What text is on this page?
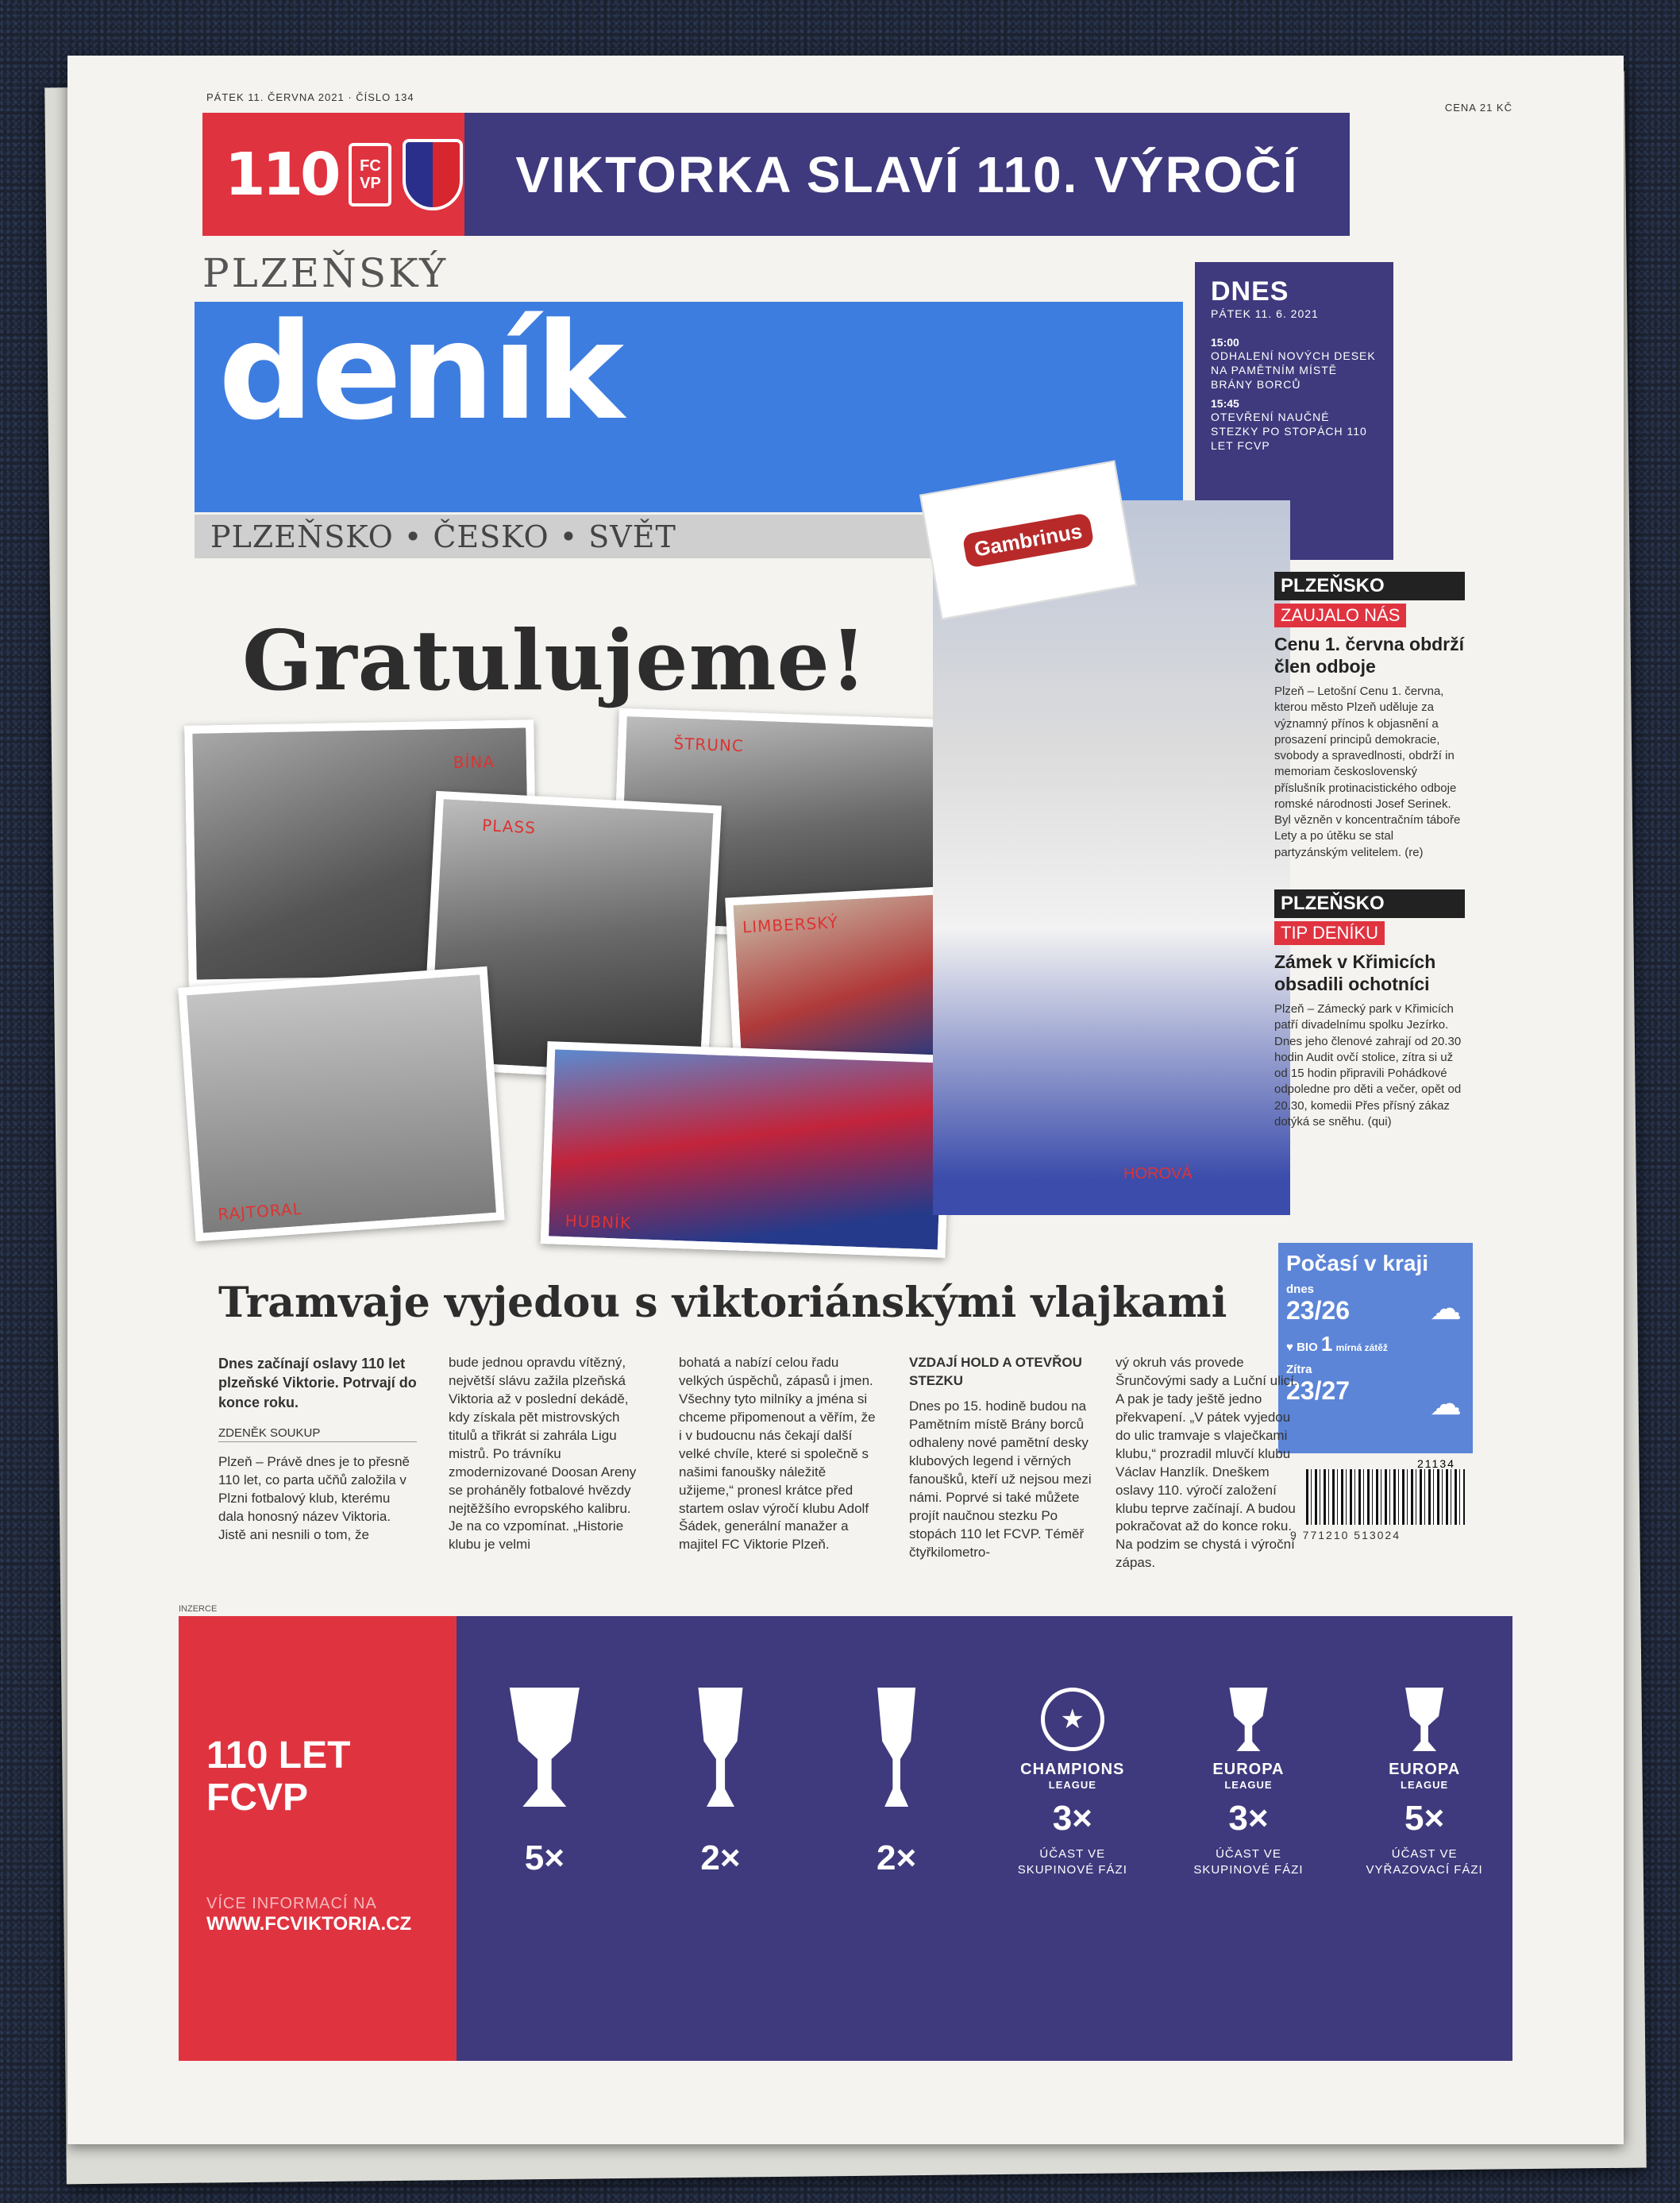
PÁTEK 11. ČERVNA 2021 · ČÍSLO 134
CENA 21 KČ
110 FC
VP	VIKTORKA SLAVÍ 110. VÝROČÍ
PLZEŇSKÝ
deník
PLZEŇSKO • ČESKO • SVĚT
DNES
PÁTEK 11. 6. 2021
15:00

ODHALENÍ NOVÝCH DESEK NA PAMĚTNÍM MÍSTĚ BRÁNY BORCŮ

15:45

OTEVŘENÍ NAUČNÉ STEZKY PO STOPÁCH 110 LET FCVP

Gratulujeme!
BÍNA
ŠTRUNC
PLASS
LIMBERSKÝ
RAJTORAL	HUBNÍK
HOROVÁ
Gambrinus
PLZEŇSKO
ZAUJALO NÁS
Cenu 1. června obdrží člen odboje

Plzeň – Letošní Cenu 1. června, kterou město Plzeň uděluje za významný přínos k objasnění a prosazení principů demokracie, svobody a spravedlnosti, obdrží in memoriam československý příslušník protinacistického odboje romské národnosti Josef Serinek. Byl vězněn v koncentračním táboře Lety a po útěku se stal partyzánským velitelem. (re)

PLZEŇSKO
TIP DENÍKU
Zámek v Křimicích obsadili ochotníci

Plzeň – Zámecký park v Křimicích patří divadelnímu spolku Jezírko. Dnes jeho členové zahrají od 20.30 hodin Audit ovčí stolice, zítra si už od 15 hodin připravili Pohádkové odpoledne pro děti a večer, opět od 20.30, komedii Přes přísný zákaz dotýká se sněhu. (qui)

Počasí v kraji
dnes
23/26
♥ BIO 1 mírná zátěž
Zítra
23/27
☁
☁
9 771210 513024
21134
Tramvaje vyjedou s viktoriánskými vlajkami
Dnes začínají oslavy 110 let plzeňské Viktorie. Potrvají do konce roku.
ZDENĚK SOUKUP
Plzeň – Právě dnes je to přesně 110 let, co parta učňů založila v Plzni fotbalový klub, kterému dala honosný název Viktoria. Jistě ani nesnili o tom, že
bude jednou opravdu vítězný, největší slávu zažila plzeňská Viktoria až v poslední dekádě, kdy získala pět mistrovských titulů a třikrát si zahrála Ligu mistrů. Po trávníku zmodernizované Doosan Areny se proháněly fotbalové hvězdy nejtěžšího evropského kalibru. Je na co vzpomínat. „Historie klubu je velmi
bohatá a nabízí celou řadu velkých úspěchů, zápasů i jmen. Všechny tyto milníky a jména si chceme připomenout a věřím, že i v budoucnu nás čekají další velké chvíle, které si společně s našimi fanoušky náležitě užijeme,“ pronesl krátce před startem oslav výročí klubu Adolf Šádek, generální manažer a majitel FC Viktorie Plzeň.
VZDAJÍ HOLD A OTEVŘOU STEZKU
Dnes po 15. hodině budou na Pamětním místě Brány borců odhaleny nové pamětní desky klubových legend i věrných fanoušků, kteří už nejsou mezi námi. Poprvé si také můžete projít naučnou stezku Po stopách 110 let FCVP. Téměř čtyřkilometro-
vý okruh vás provede Šrunčovými sady a Luční ulicí. A pak je tady ještě jedno překvapení. „V pátek vyjedou do ulic tramvaje s vlaječkami klubu,“ prozradil mluvčí klubu Václav Hanzlík. Dneškem oslavy 110. výročí založení klubu teprve začínají. A budou pokračovat až do konce roku. Na podzim se chystá i výroční zápas.
INZERCE
110 LET
FCVP
VÍCE INFORMACÍ NA
WWW.FCVIKTORIA.CZ
5×	2×	2×
★
CHAMPIONS
LEAGUE
3×
ÚČAST VE SKUPINOVÉ FÁZI
EUROPA
LEAGUE
3×
ÚČAST VE SKUPINOVÉ FÁZI
EUROPA
LEAGUE
5×
ÚČAST VE VYŘAZOVACÍ FÁZI
